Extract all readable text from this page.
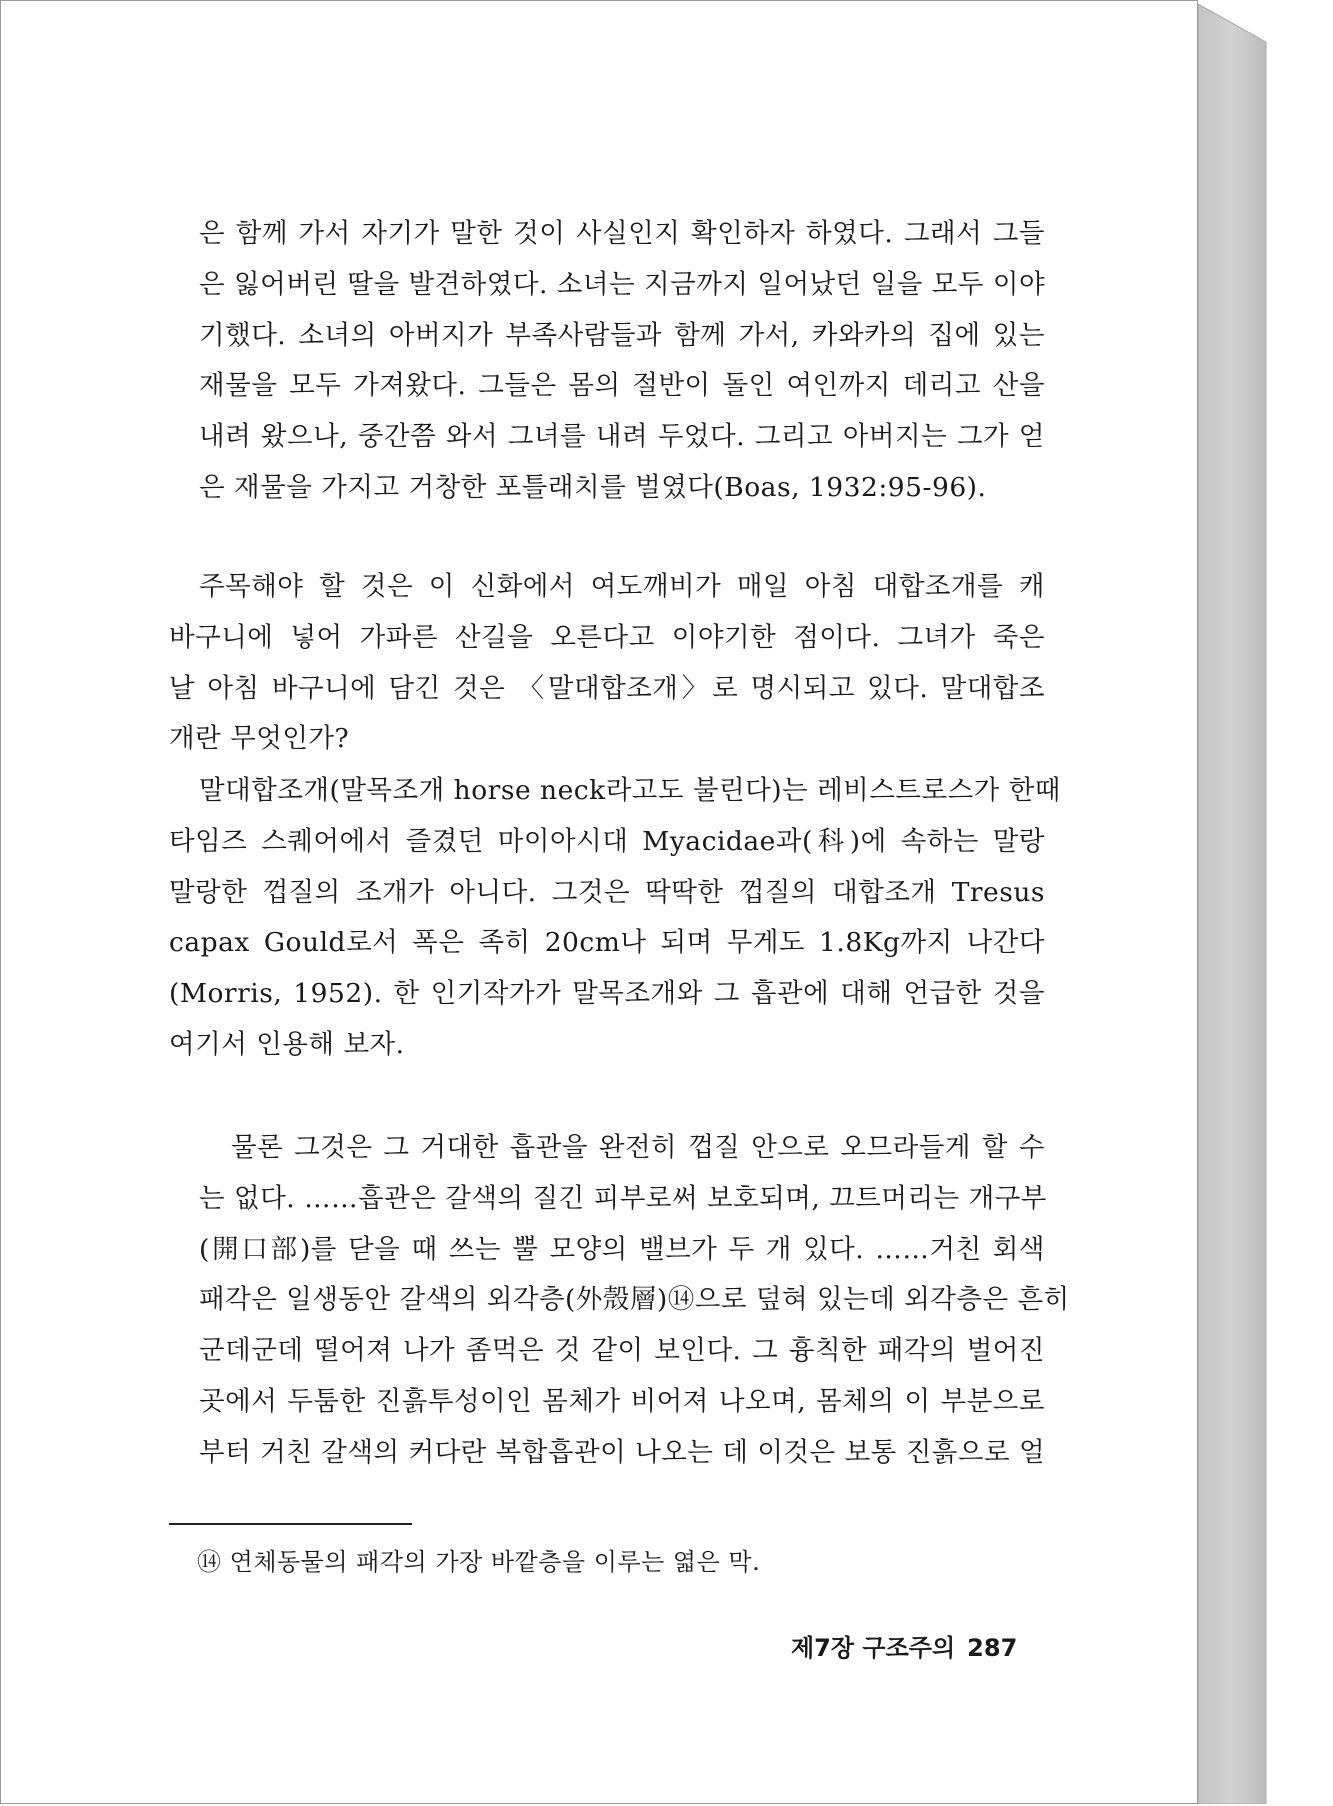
은 함께 가서 자기가 말한 것이 사실인지 확인하자 하였다. 그래서 그들
은 잃어버린 딸을 발견하였다. 소녀는 지금까지 일어났던 일을 모두 이야
기했다. 소녀의 아버지가 부족사람들과 함께 가서, 카와카의 집에 있는
재물을 모두 가져왔다. 그들은 몸의 절반이 돌인 여인까지 데리고 산을
내려 왔으나, 중간쯤 와서 그녀를 내려 두었다. 그리고 아버지는 그가 얻
은 재물을 가지고 거창한 포틀래치를 벌였다(Boas, 1932:95-96).
주목해야 할 것은 이 신화에서 여도깨비가 매일 아침 대합조개를 캐
바구니에 넣어 가파른 산길을 오른다고 이야기한 점이다. 그녀가 죽은
날 아침 바구니에 담긴 것은 〈말대합조개〉로 명시되고 있다. 말대합조
개란 무엇인가?
말대합조개(말목조개 horse neck라고도 불린다)는 레비스트로스가 한때
타임즈 스퀘어에서 즐겼던 마이아시대 Myacidae과(科)에 속하는 말랑
말랑한 껍질의 조개가 아니다. 그것은 딱딱한 껍질의 대합조개 Tresus
capax Gould로서 폭은 족히 20cm나 되며 무게도 1.8Kg까지 나간다
(Morris, 1952). 한 인기작가가 말목조개와 그 흡관에 대해 언급한 것을
여기서 인용해 보자.
물론 그것은 그 거대한 흡관을 완전히 껍질 안으로 오므라들게 할 수
는 없다. ……흡관은 갈색의 질긴 피부로써 보호되며, 끄트머리는 개구부
(開口部)를 닫을 때 쓰는 뿔 모양의 밸브가 두 개 있다. ……거친 회색
패각은 일생동안 갈색의 외각층(外殼層)⑭으로 덮혀 있는데 외각층은 흔히
군데군데 떨어져 나가 좀먹은 것 같이 보인다. 그 흉칙한 패각의 벌어진
곳에서 두툼한 진흙투성이인 몸체가 비어져 나오며, 몸체의 이 부분으로
부터 거친 갈색의 커다란 복합흡관이 나오는 데 이것은 보통 진흙으로 얼
⑭ 연체동물의 패각의 가장 바깥층을 이루는 엷은 막.
제7장 구조주의 287
